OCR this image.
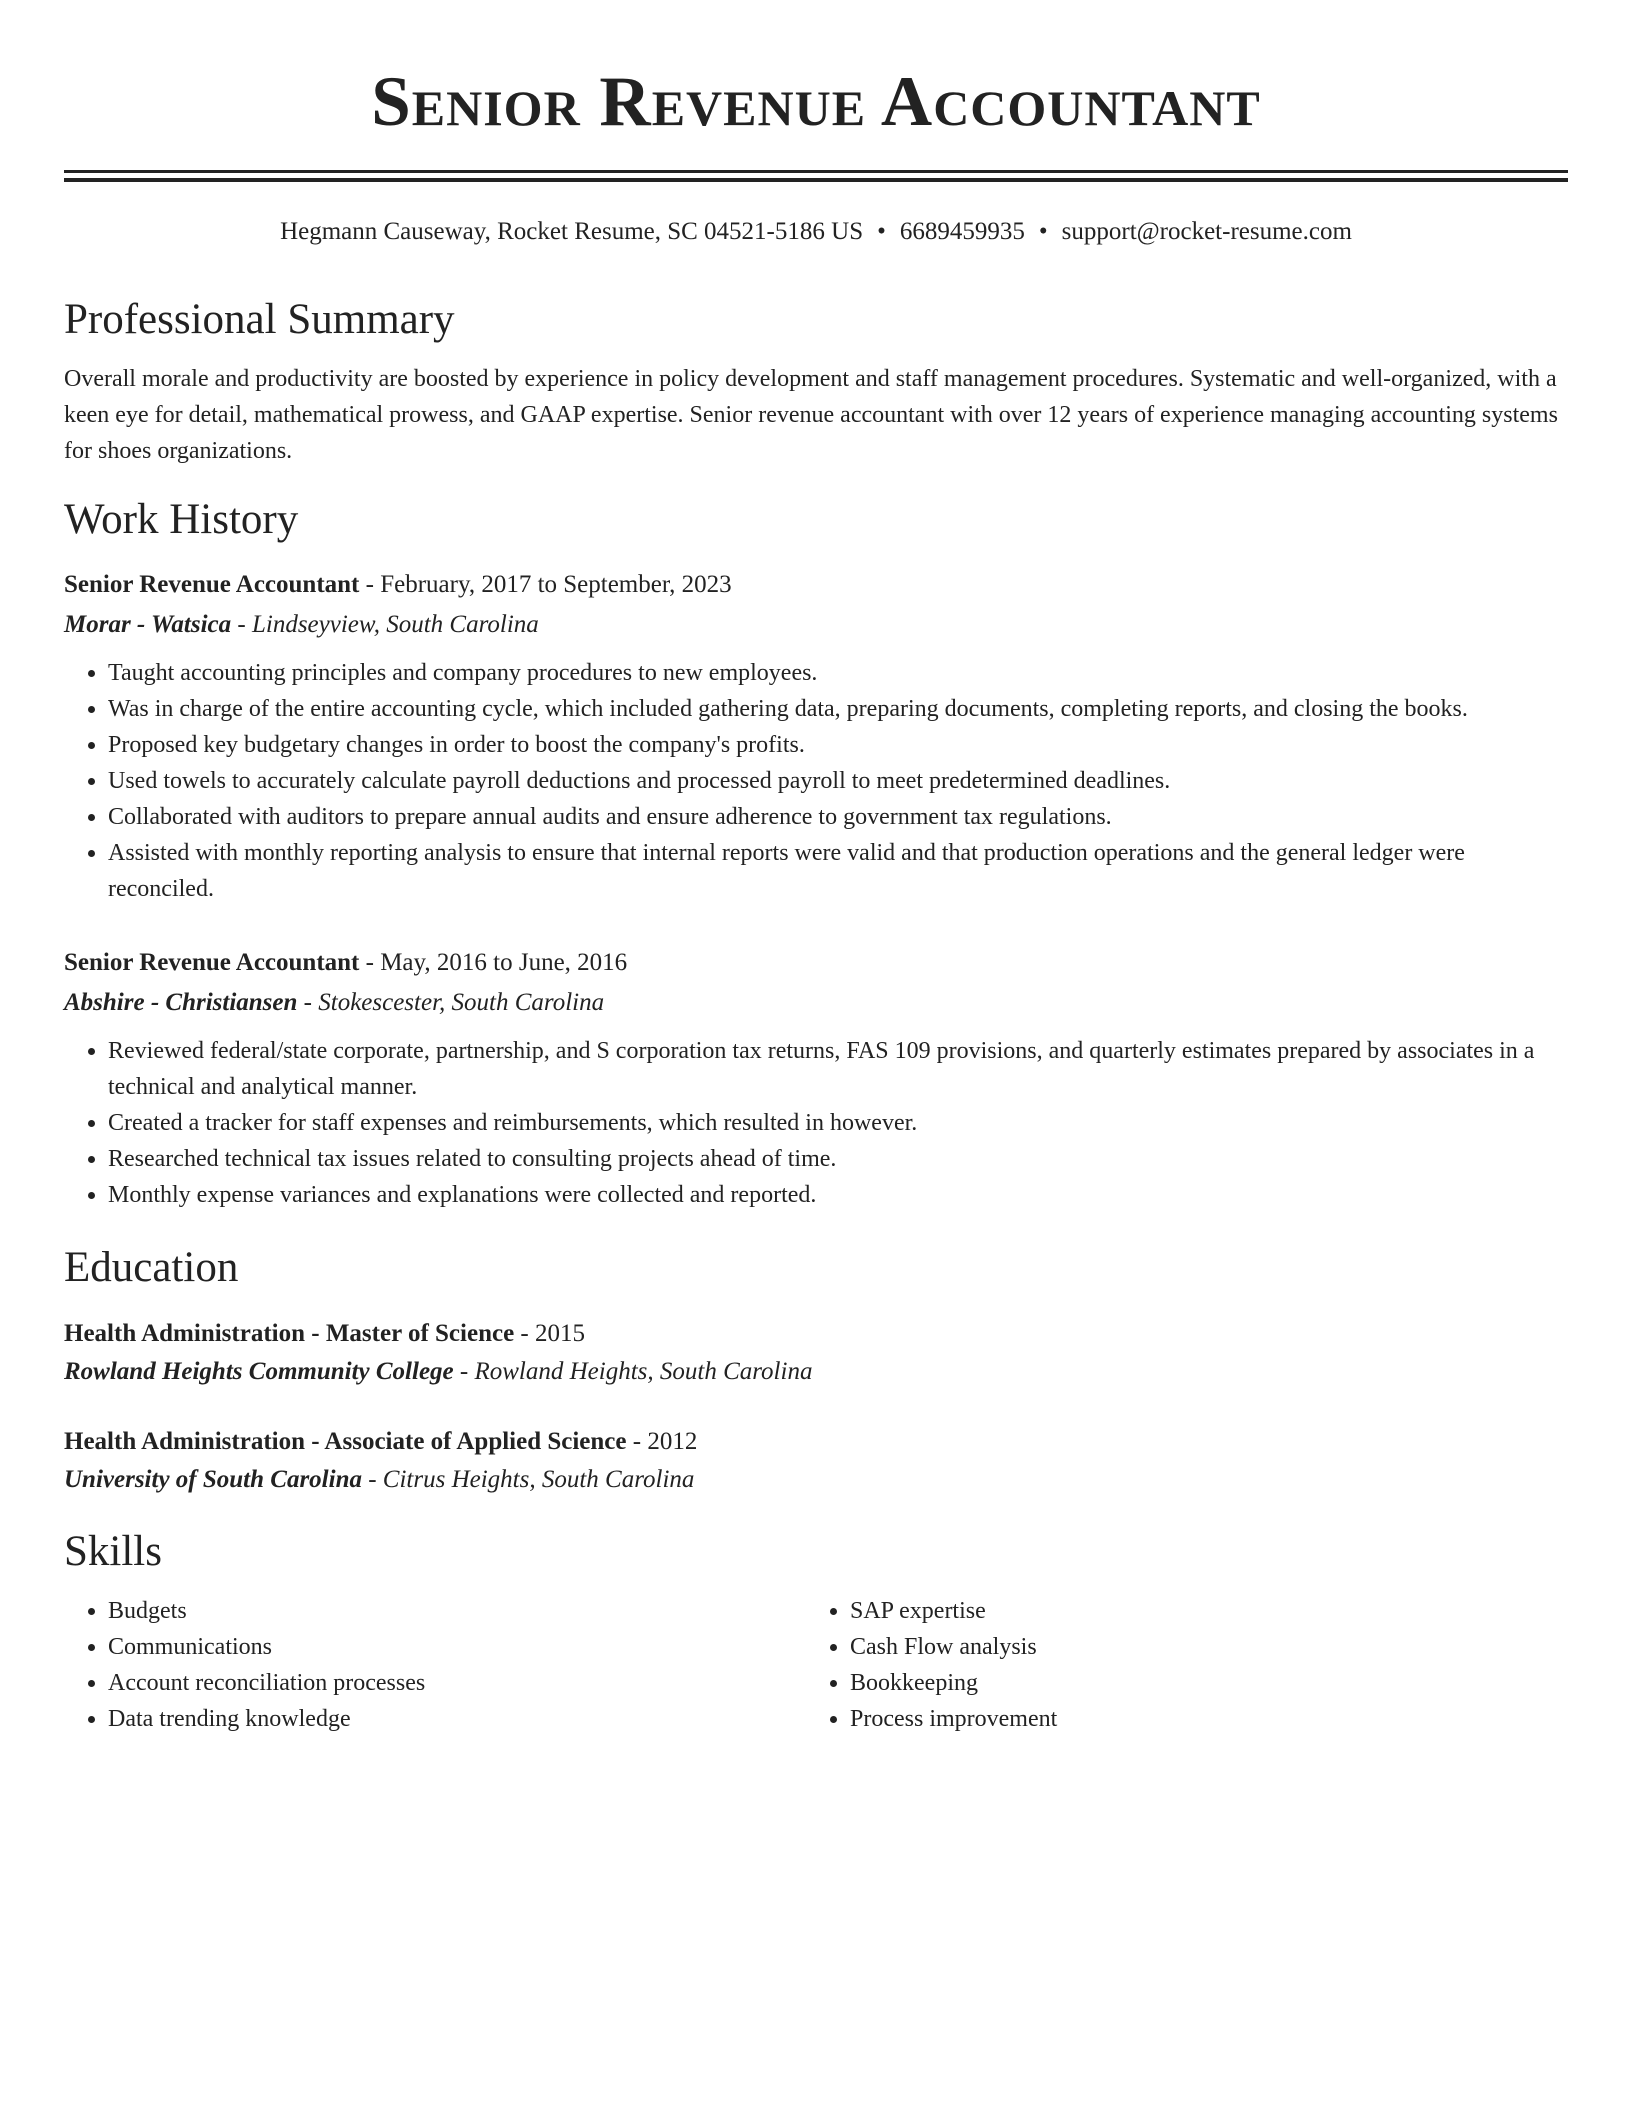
Senior Revenue Accountant
Hegmann Causeway, Rocket Resume, SC 04521-5186 US • 6689459935 • support@rocket-resume.com
Professional Summary
Overall morale and productivity are boosted by experience in policy development and staff management procedures. Systematic and well-organized, with a keen eye for detail, mathematical prowess, and GAAP expertise. Senior revenue accountant with over 12 years of experience managing accounting systems for shoes organizations.
Work History
Senior Revenue Accountant - February, 2017 to September, 2023
Morar - Watsica - Lindseyview, South Carolina
• Taught accounting principles and company procedures to new employees.
• Was in charge of the entire accounting cycle, which included gathering data, preparing documents, completing reports, and closing the books.
• Proposed key budgetary changes in order to boost the company's profits.
• Used towels to accurately calculate payroll deductions and processed payroll to meet predetermined deadlines.
• Collaborated with auditors to prepare annual audits and ensure adherence to government tax regulations.
• Assisted with monthly reporting analysis to ensure that internal reports were valid and that production operations and the general ledger were reconciled.
Senior Revenue Accountant - May, 2016 to June, 2016
Abshire - Christiansen - Stokescester, South Carolina
• Reviewed federal/state corporate, partnership, and S corporation tax returns, FAS 109 provisions, and quarterly estimates prepared by associates in a technical and analytical manner.
• Created a tracker for staff expenses and reimbursements, which resulted in however.
• Researched technical tax issues related to consulting projects ahead of time.
• Monthly expense variances and explanations were collected and reported.
Education
Health Administration - Master of Science - 2015
Rowland Heights Community College - Rowland Heights, South Carolina
Health Administration - Associate of Applied Science - 2012
University of South Carolina - Citrus Heights, South Carolina
Skills
• Budgets
• Communications
• Account reconciliation processes
• Data trending knowledge
• SAP expertise
• Cash Flow analysis
• Bookkeeping
• Process improvement
